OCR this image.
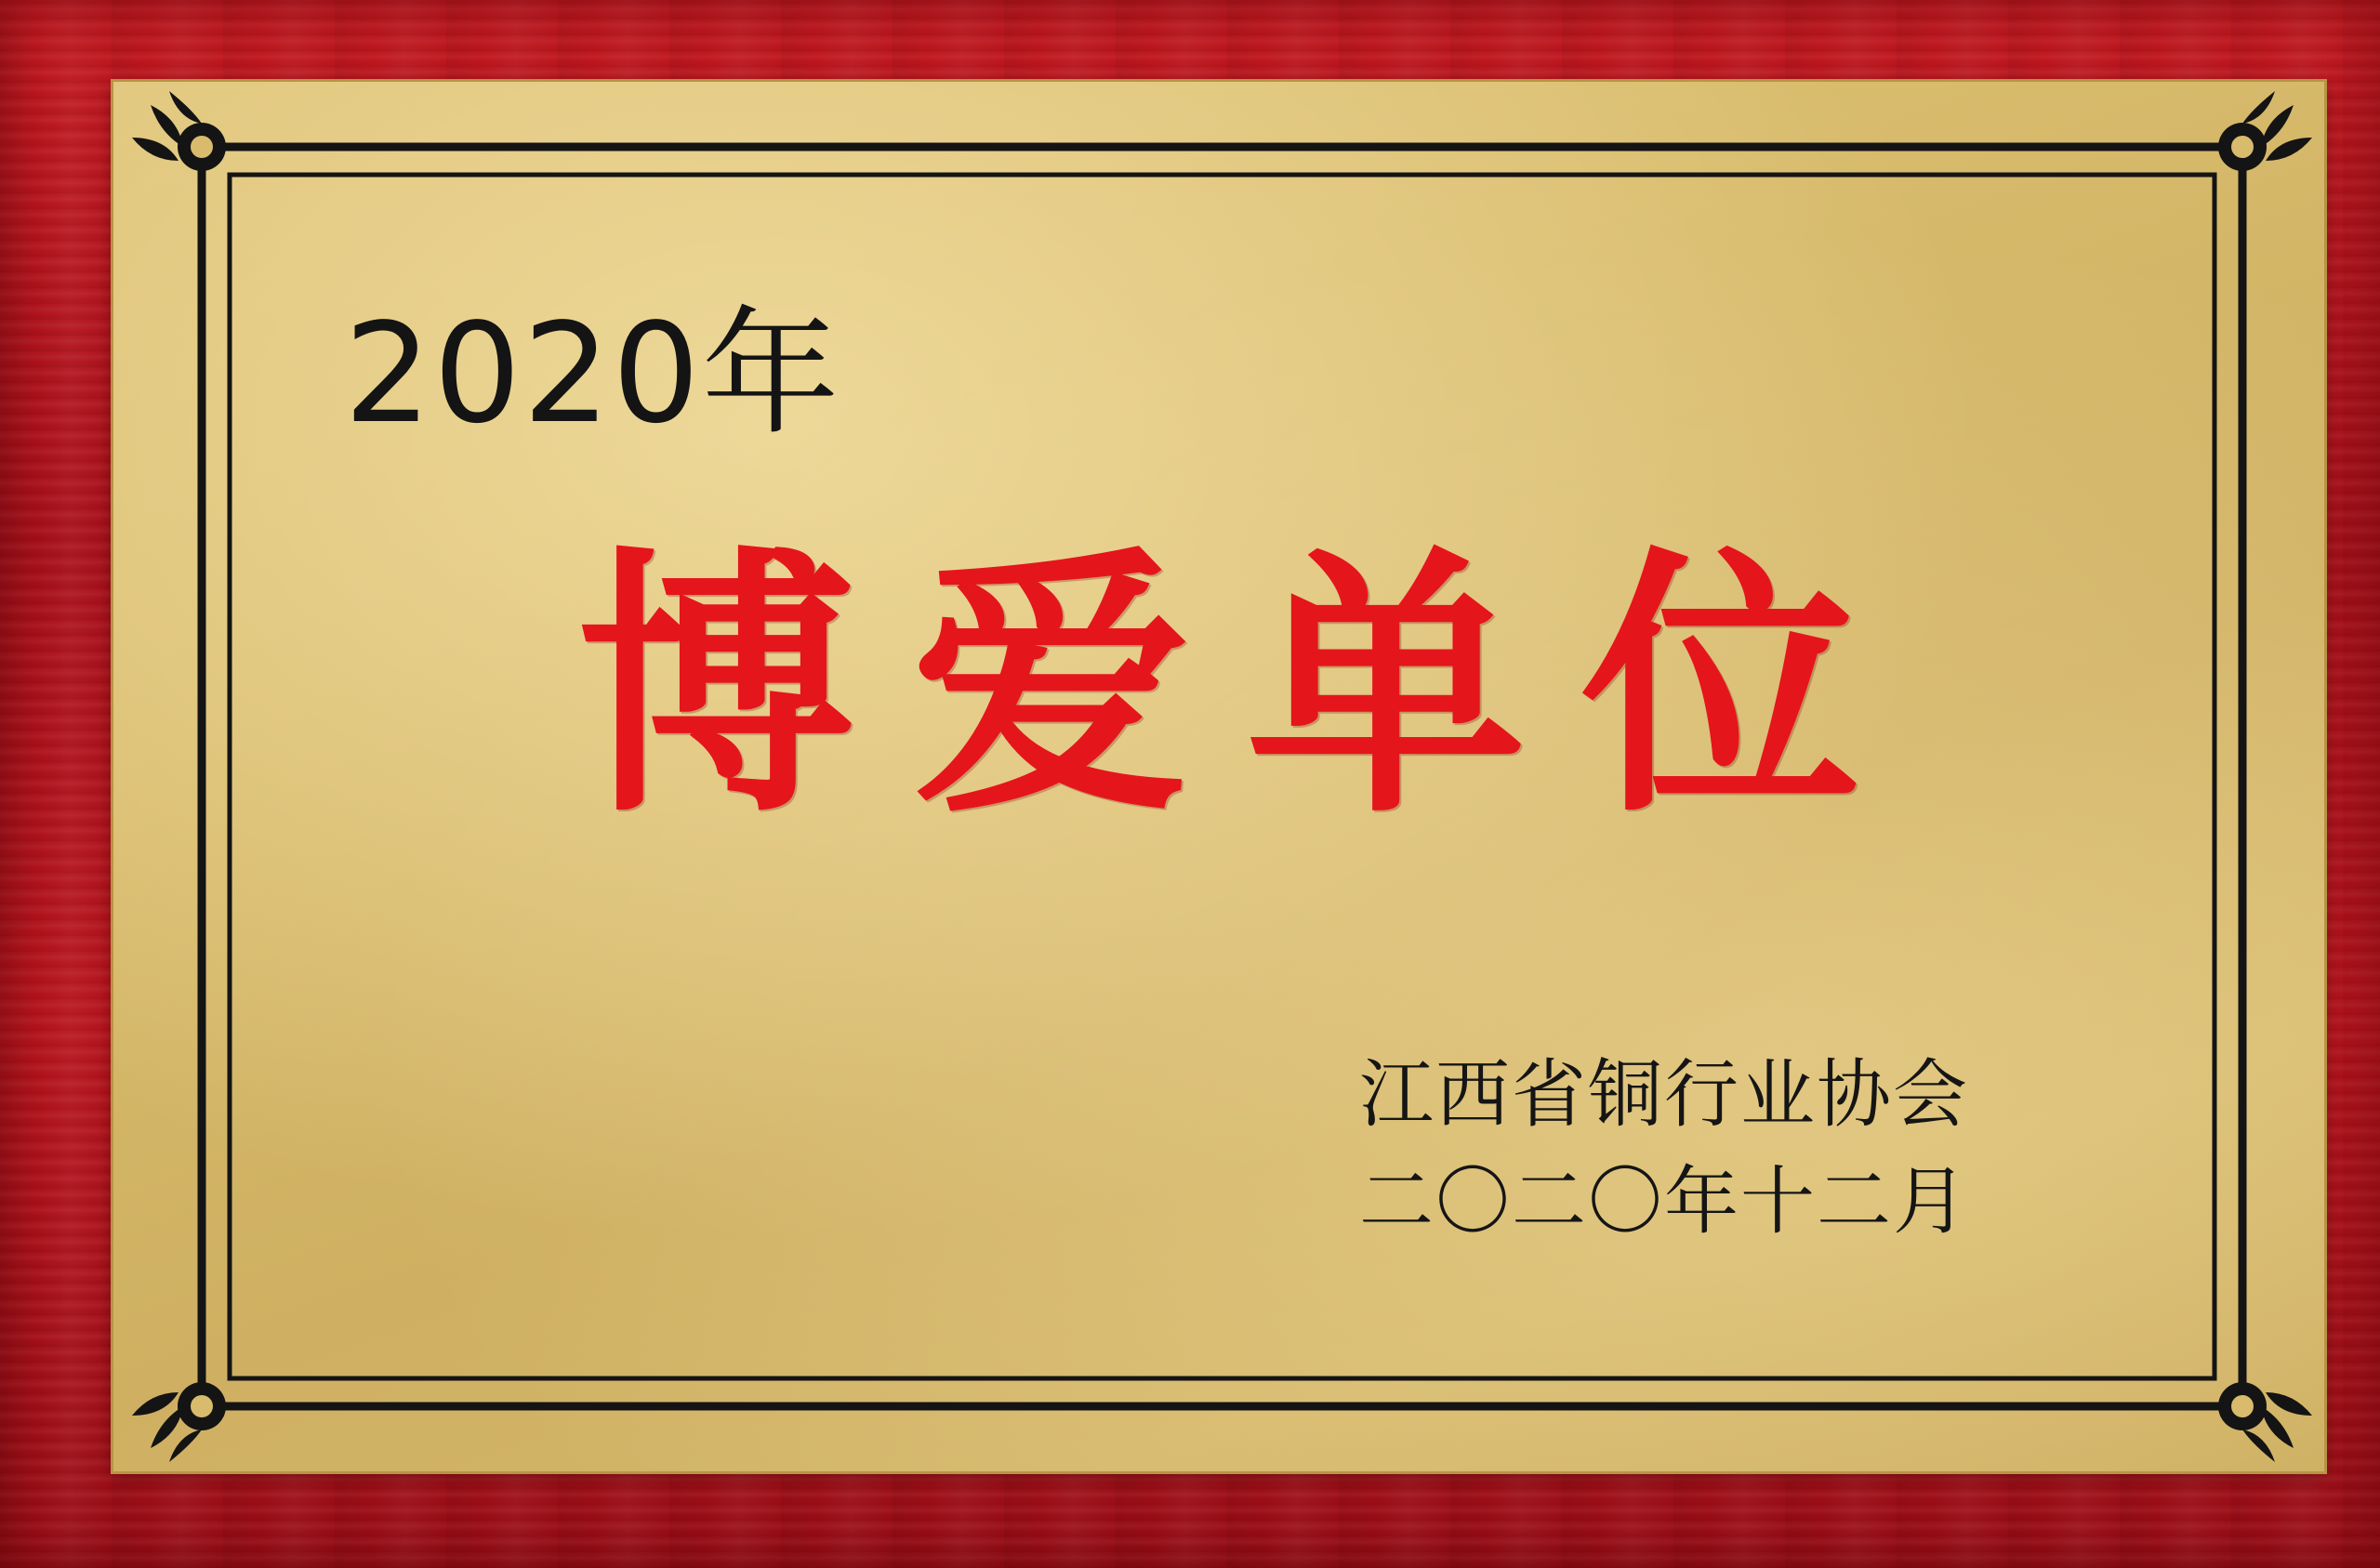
2020年
博爱单位
江西省铜行业协会
二〇二〇年十二月
